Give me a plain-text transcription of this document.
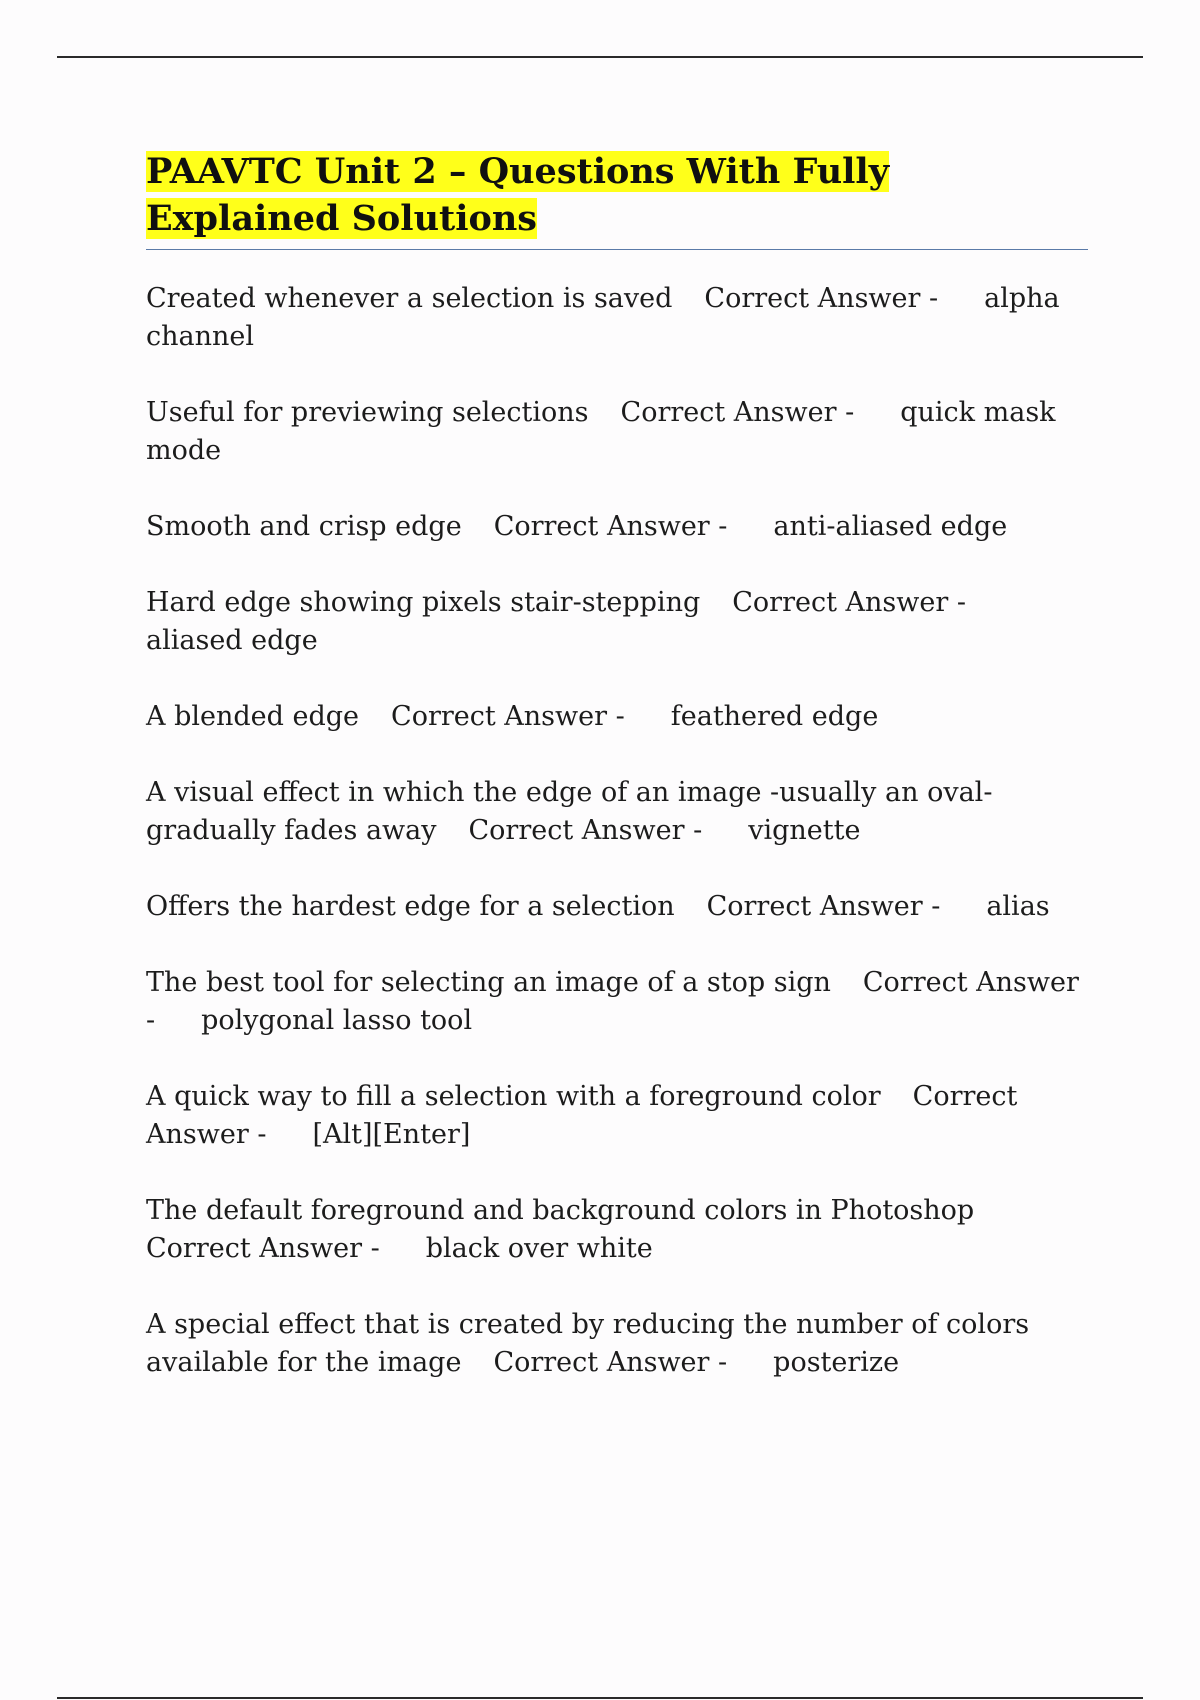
PAAVTC Unit 2 – Questions With Fully Explained Solutions
Created whenever a selection is saved Correct Answer - alpha channel
Useful for previewing selections Correct Answer - quick mask mode
Smooth and crisp edge Correct Answer - anti-aliased edge
Hard edge showing pixels stair-stepping Correct Answer -aliased edge
A blended edge Correct Answer - feathered edge
A visual effect in which the edge of an image -usually an oval- gradually fades away Correct Answer - vignette
Offers the hardest edge for a selection Correct Answer - alias
The best tool for selecting an image of a stop sign Correct Answer - polygonal lasso tool
A quick way to fill a selection with a foreground color Correct Answer - [Alt][Enter]
The default foreground and background colors in PhotoshopCorrect Answer - black over white
A special effect that is created by reducing the number of colors available for the image Correct Answer - posterize
